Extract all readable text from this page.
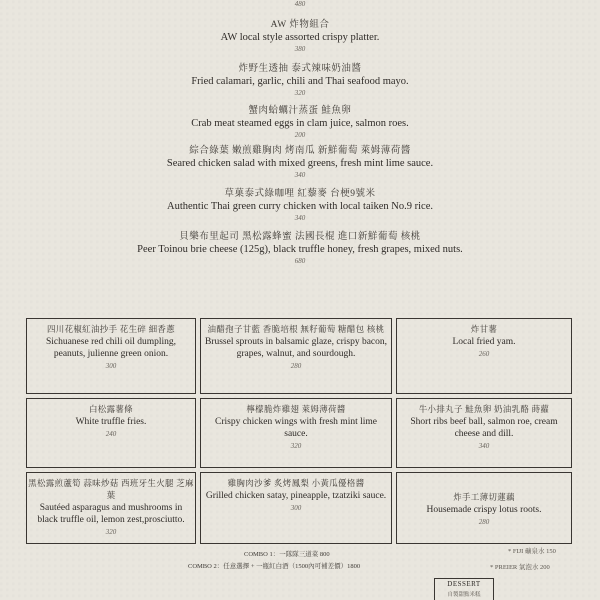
480
AW 炸物組合
AW local style assorted crispy platter.
380
炸野生透抽 泰式辣味奶油醬
Fried calamari, garlic, chili and Thai seafood mayo.
320
蟹肉蛤蠣汁蒸蛋 鮭魚卵
Crab meat steamed eggs in clam juice, salmon roes.
200
綜合綠葉 嫩煎雞胸肉 烤南瓜 新鮮葡萄 萊姆薄荷醬
Seared chicken salad with mixed greens, fresh mint lime sauce.
340
草菓泰式綠咖哩 紅藜麥 台梗9號米
Authentic Thai green curry chicken with local taiken No.9 rice.
340
貝樂布里起司 黑松露蜂蜜 法國長棍 進口新鮮葡萄 核桃
Peer Toinou brie cheese (125g), black truffle honey, fresh grapes, mixed nuts.
680
四川花椒紅油抄手 花生碎 細香蔥
Sichuanese red chili oil dumpling, peanuts, julienne green onion.
300
油醋孢子甘藍 香脆培根 無籽葡萄 糖醋包 核桃
Brussel sprouts in balsamic glaze, crispy bacon, grapes, walnut, and sourdough.
280
炸甘薯
Local fried yam.
260
白松露薯條
White truffle fries.
240
檸檬脆炸雞翅 萊姆薄荷醬
Crispy chicken wings with fresh mint lime sauce.
320
牛小排丸子 鮭魚卵 奶油乳酪 蒔蘿
Short ribs beef ball, salmon roe, cream cheese and dill.
340
黑松露煎蘆筍 蒜味炒菇 西班牙生火腿 芝麻葉
Sautéed asparagus and mushrooms in black truffle oil, lemon zest,prosciutto.
320
雞胸肉沙爹 炙烤鳳梨 小黃瓜優格醬
Grilled chicken satay, pineapple, tzatziki sauce.
300
炸手工薄切蓮藕
Housemade crispy lotus roots.
280
COMBO 1：一隊隊三道菜 800
COMBO 2：任意選擇 + 一瓶紅白酒（1500內可補差價）1800
* FIJI 礦泉水 150
* PREIER 氣泡水 200
DESSERT
自製甜點米糕
